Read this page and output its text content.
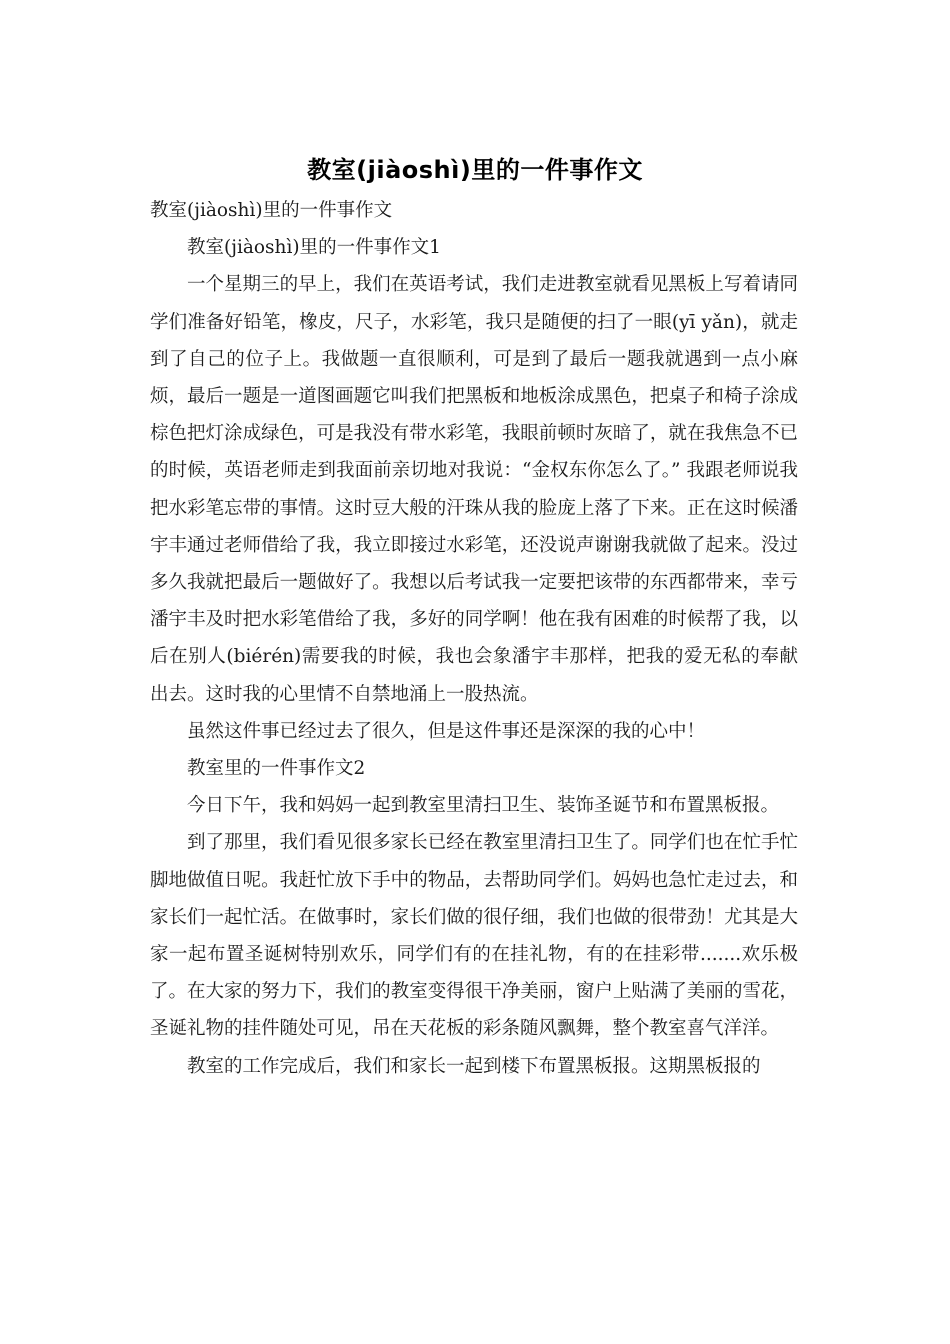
教室(jiàoshì)里的一件事作文

教室(jiàoshì)里的一件事作文

教室(jiàoshì)里的一件事作文1

一个星期三的早上，我们在英语考试，我们走进教室就看见黑板上写着请同学们准备好铅笔，橡皮，尺子，水彩笔，我只是随便的扫了一眼(yī yǎn)，就走到了自己的位子上。我做题一直很顺利，可是到了最后一题我就遇到一点小麻烦，最后一题是一道图画题它叫我们把黑板和地板涂成黑色，把桌子和椅子涂成棕色把灯涂成绿色，可是我没有带水彩笔，我眼前顿时灰暗了，就在我焦急不已的时候，英语老师走到我面前亲切地对我说：“金权东你怎么了。” 我跟老师说我把水彩笔忘带的事情。这时豆大般的汗珠从我的脸庞上落了下来。正在这时候潘宇丰通过老师借给了我，我立即接过水彩笔，还没说声谢谢我就做了起来。没过多久我就把最后一题做好了。我想以后考试我一定要把该带的东西都带来，幸亏潘宇丰及时把水彩笔借给了我，多好的同学啊！他在我有困难的时候帮了我，以后在别人(biérén)需要我的时候，我也会象潘宇丰那样，把我的爱无私的奉献出去。这时我的心里情不自禁地涌上一股热流。

虽然这件事已经过去了很久，但是这件事还是深深的我的心中！

教室里的一件事作文2

今日下午，我和妈妈一起到教室里清扫卫生、装饰圣诞节和布置黑板报。

到了那里，我们看见很多家长已经在教室里清扫卫生了。同学们也在忙手忙脚地做值日呢。我赶忙放下手中的物品，去帮助同学们。妈妈也急忙走过去，和家长们一起忙活。在做事时，家长们做的很仔细，我们也做的很带劲！尤其是大家一起布置圣诞树特别欢乐，同学们有的在挂礼物，有的在挂彩带.......欢乐极了。在大家的努力下，我们的教室变得很干净美丽，窗户上贴满了美丽的雪花，圣诞礼物的挂件随处可见，吊在天花板的彩条随风飘舞，整个教室喜气洋洋。

教室的工作完成后，我们和家长一起到楼下布置黑板报。这期黑板报的
